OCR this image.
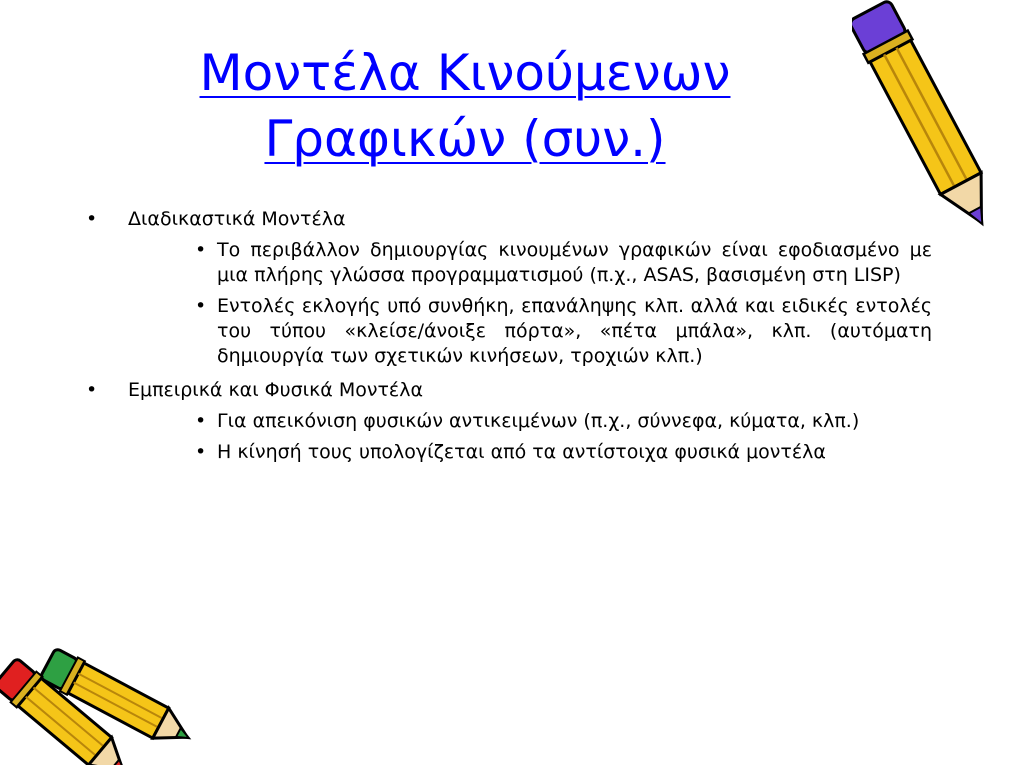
Μοντέλα Κινούμενων
Γραφικών (συν.)
• Διαδικαστικά Μοντέλα
• Το περιβάλλον δημιουργίας κινουμένων γραφικών είναι εφοδιασμένο με μια πλήρης γλώσσα προγραμματισμού (π.χ., ASAS, βασισμένη στη LISP)
• Εντολές εκλογής υπό συνθήκη, επανάληψης κλπ. αλλά και ειδικές εντολές του τύπου «κλείσε/άνοιξε πόρτα», «πέτα μπάλα», κλπ. (αυτόματη δημιουργία των σχετικών κινήσεων, τροχιών κλπ.)
• Εμπειρικά και Φυσικά Μοντέλα
• Για απεικόνιση φυσικών αντικειμένων (π.χ., σύννεφα, κύματα, κλπ.)
• Η κίνησή τους υπολογίζεται από τα αντίστοιχα φυσικά μοντέλα
